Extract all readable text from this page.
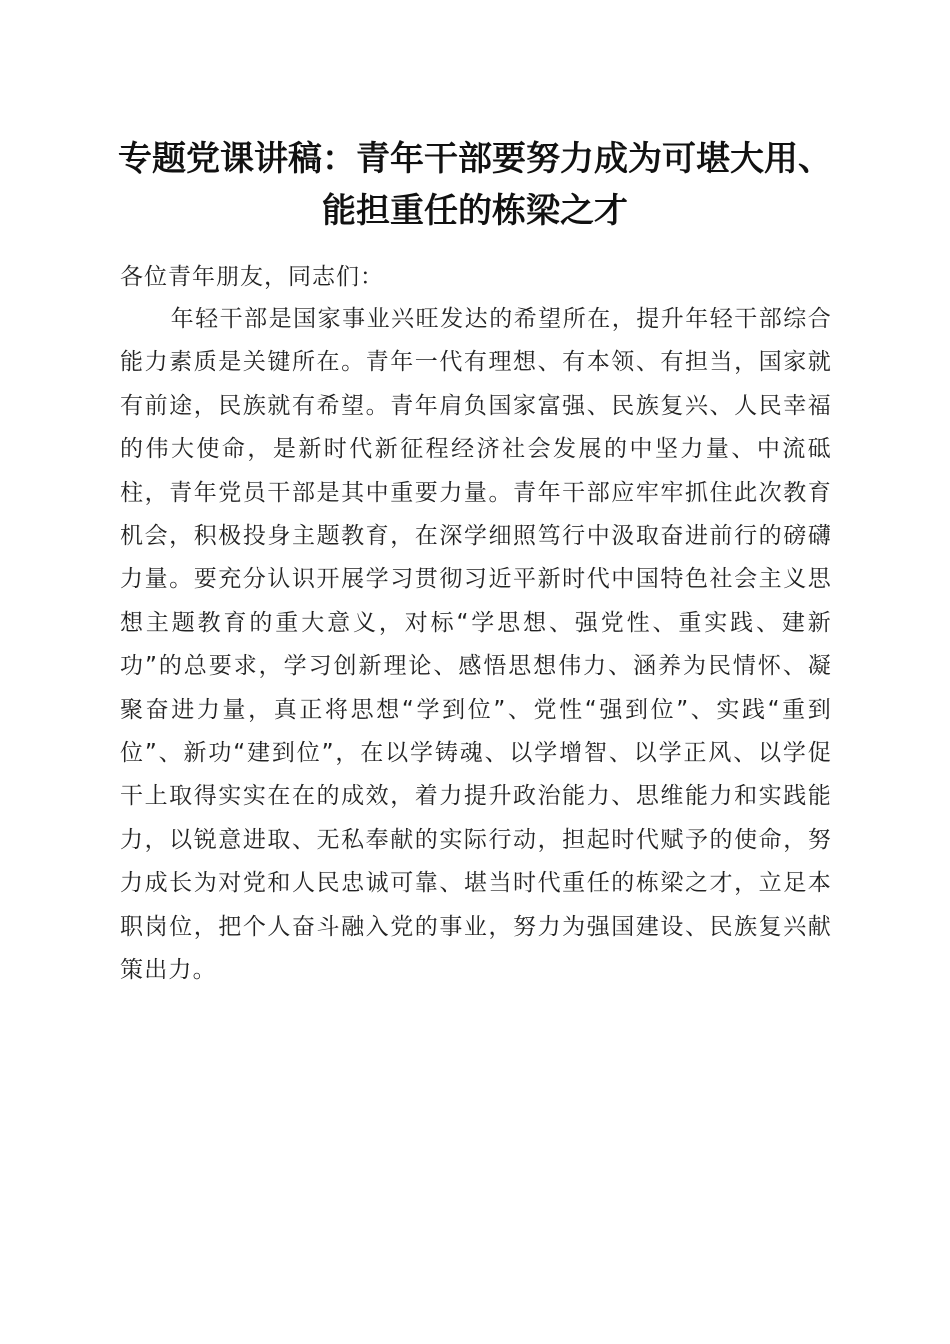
专题党课讲稿：青年干部要努力成为可堪大用、
能担重任的栋梁之才

各位青年朋友，同志们：

年轻干部是国家事业兴旺发达的希望所在，提升年轻干部综合能力素质是关键所在。青年一代有理想、有本领、有担当，国家就有前途，民族就有希望。青年肩负国家富强、民族复兴、人民幸福的伟大使命，是新时代新征程经济社会发展的中坚力量、中流砥柱，青年党员干部是其中重要力量。青年干部应牢牢抓住此次教育机会，积极投身主题教育，在深学细照笃行中汲取奋进前行的磅礴力量。要充分认识开展学习贯彻习近平新时代中国特色社会主义思想主题教育的重大意义，对标“学思想、强党性、重实践、建新功”的总要求，学习创新理论、感悟思想伟力、涵养为民情怀、凝聚奋进力量，真正将思想“学到位”、党性“强到位”、实践“重到位”、新功“建到位”，在以学铸魂、以学增智、以学正风、以学促干上取得实实在在的成效，着力提升政治能力、思维能力和实践能力，以锐意进取、无私奉献的实际行动，担起时代赋予的使命，努力成长为对党和人民忠诚可靠、堪当时代重任的栋梁之才，立足本职岗位，把个人奋斗融入党的事业，努力为强国建设、民族复兴献策出力。
